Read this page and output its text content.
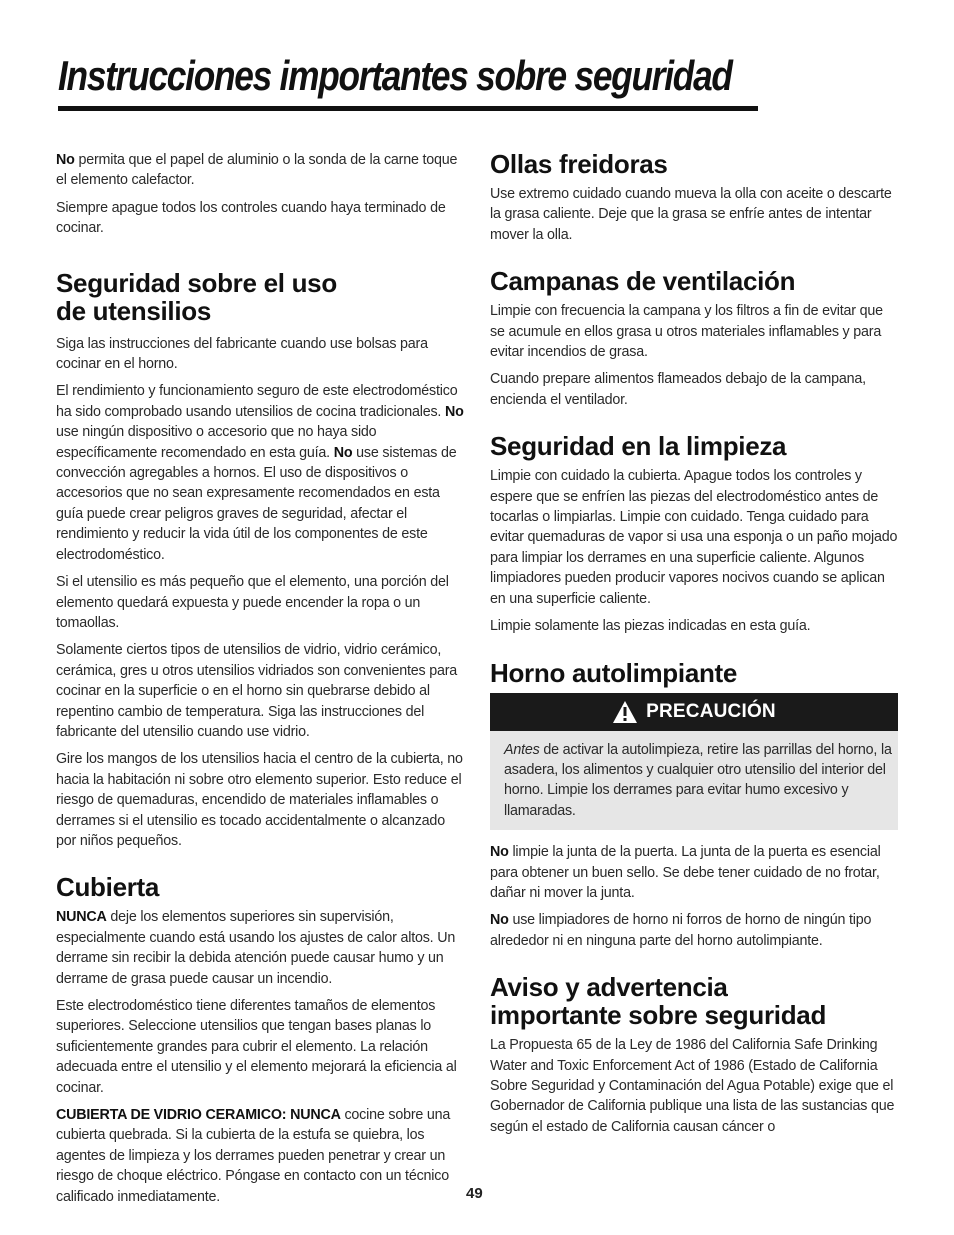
Instrucciones importantes sobre seguridad

No permita que el papel de aluminio o la sonda de la carne toque el elemento calefactor.

Siempre apague todos los controles cuando haya terminado de cocinar.

Seguridad sobre el uso
de utensilios

Siga las instrucciones del fabricante cuando use bolsas para cocinar en el horno.

El rendimiento y funcionamiento seguro de este electrodoméstico ha sido comprobado usando utensilios de cocina tradicionales. No use ningún dispositivo o accesorio que no haya sido específicamente recomendado en esta guía. No use sistemas de convección agregables a hornos. El uso de dispositivos o accesorios que no sean expresamente recomendados en esta guía puede crear peligros graves de seguridad, afectar el rendimiento y reducir la vida útil de los componentes de este electrodoméstico.

Si el utensilio es más pequeño que el elemento, una porción del elemento quedará expuesta y puede encender la ropa o un tomaollas.

Solamente ciertos tipos de utensilios de vidrio, vidrio cerámico, cerámica, gres u otros utensilios vidriados son convenientes para cocinar en la superficie o en el horno sin quebrarse debido al repentino cambio de temperatura. Siga las instrucciones del fabricante del utensilio cuando use vidrio.

Gire los mangos de los utensilios hacia el centro de la cubierta, no hacia la habitación ni sobre otro elemento superior. Esto reduce el riesgo de quemaduras, encendido de materiales inflamables o derrames si el utensilio es tocado accidentalmente o alcanzado por niños pequeños.

Cubierta

NUNCA deje los elementos superiores sin supervisión, especialmente cuando está usando los ajustes de calor altos. Un derrame sin recibir la debida atención puede causar humo y un derrame de grasa puede causar un incendio.

Este electrodoméstico tiene diferentes tamaños de elementos superiores. Seleccione utensilios que tengan bases planas lo suficientemente grandes para cubrir el elemento. La relación adecuada entre el utensilio y el elemento mejorará la eficiencia al cocinar.

CUBIERTA DE VIDRIO CERAMICO: NUNCA cocine sobre una cubierta quebrada. Si la cubierta de la estufa se quiebra, los agentes de limpieza y los derrames pueden penetrar y crear un riesgo de choque eléctrico. Póngase en contacto con un técnico calificado inmediatamente.

Ollas freidoras

Use extremo cuidado cuando mueva la olla con aceite o descarte la grasa caliente. Deje que la grasa se enfríe antes de intentar mover la olla.

Campanas de ventilación

Limpie con frecuencia la campana y los filtros a fin de evitar que se acumule en ellos grasa u otros materiales inflamables y para evitar incendios de grasa.

Cuando prepare alimentos flameados debajo de la campana, encienda el ventilador.

Seguridad en la limpieza

Limpie con cuidado la cubierta. Apague todos los controles y espere que se enfríen las piezas del electrodoméstico antes de tocarlas o limpiarlas. Limpie con cuidado. Tenga cuidado para evitar quemaduras de vapor si usa una esponja o un paño mojado para limpiar los derrames en una superficie caliente. Algunos limpiadores pueden producir vapores nocivos cuando se aplican en una superficie caliente.

Limpie solamente las piezas indicadas en esta guía.

Horno autolimpiante
PRECAUCIÓN

Antes de activar la autolimpieza, retire las parrillas del horno, la asadera, los alimentos y cualquier otro utensilio del interior del horno. Limpie los derrames para evitar humo excesivo y llamaradas.

No limpie la junta de la puerta. La junta de la puerta es esencial para obtener un buen sello. Se debe tener cuidado de no frotar, dañar ni mover la junta.

No use limpiadores de horno ni forros de horno de ningún tipo alrededor ni en ninguna parte del horno autolimpiante.

Aviso y advertencia
importante sobre seguridad

La Propuesta 65 de la Ley de 1986 del California Safe Drinking Water and Toxic Enforcement Act of 1986 (Estado de California Sobre Seguridad y Contaminación del Agua Potable) exige que el Gobernador de California publique una lista de las sustancias que según el estado de California causan cáncer o

49
